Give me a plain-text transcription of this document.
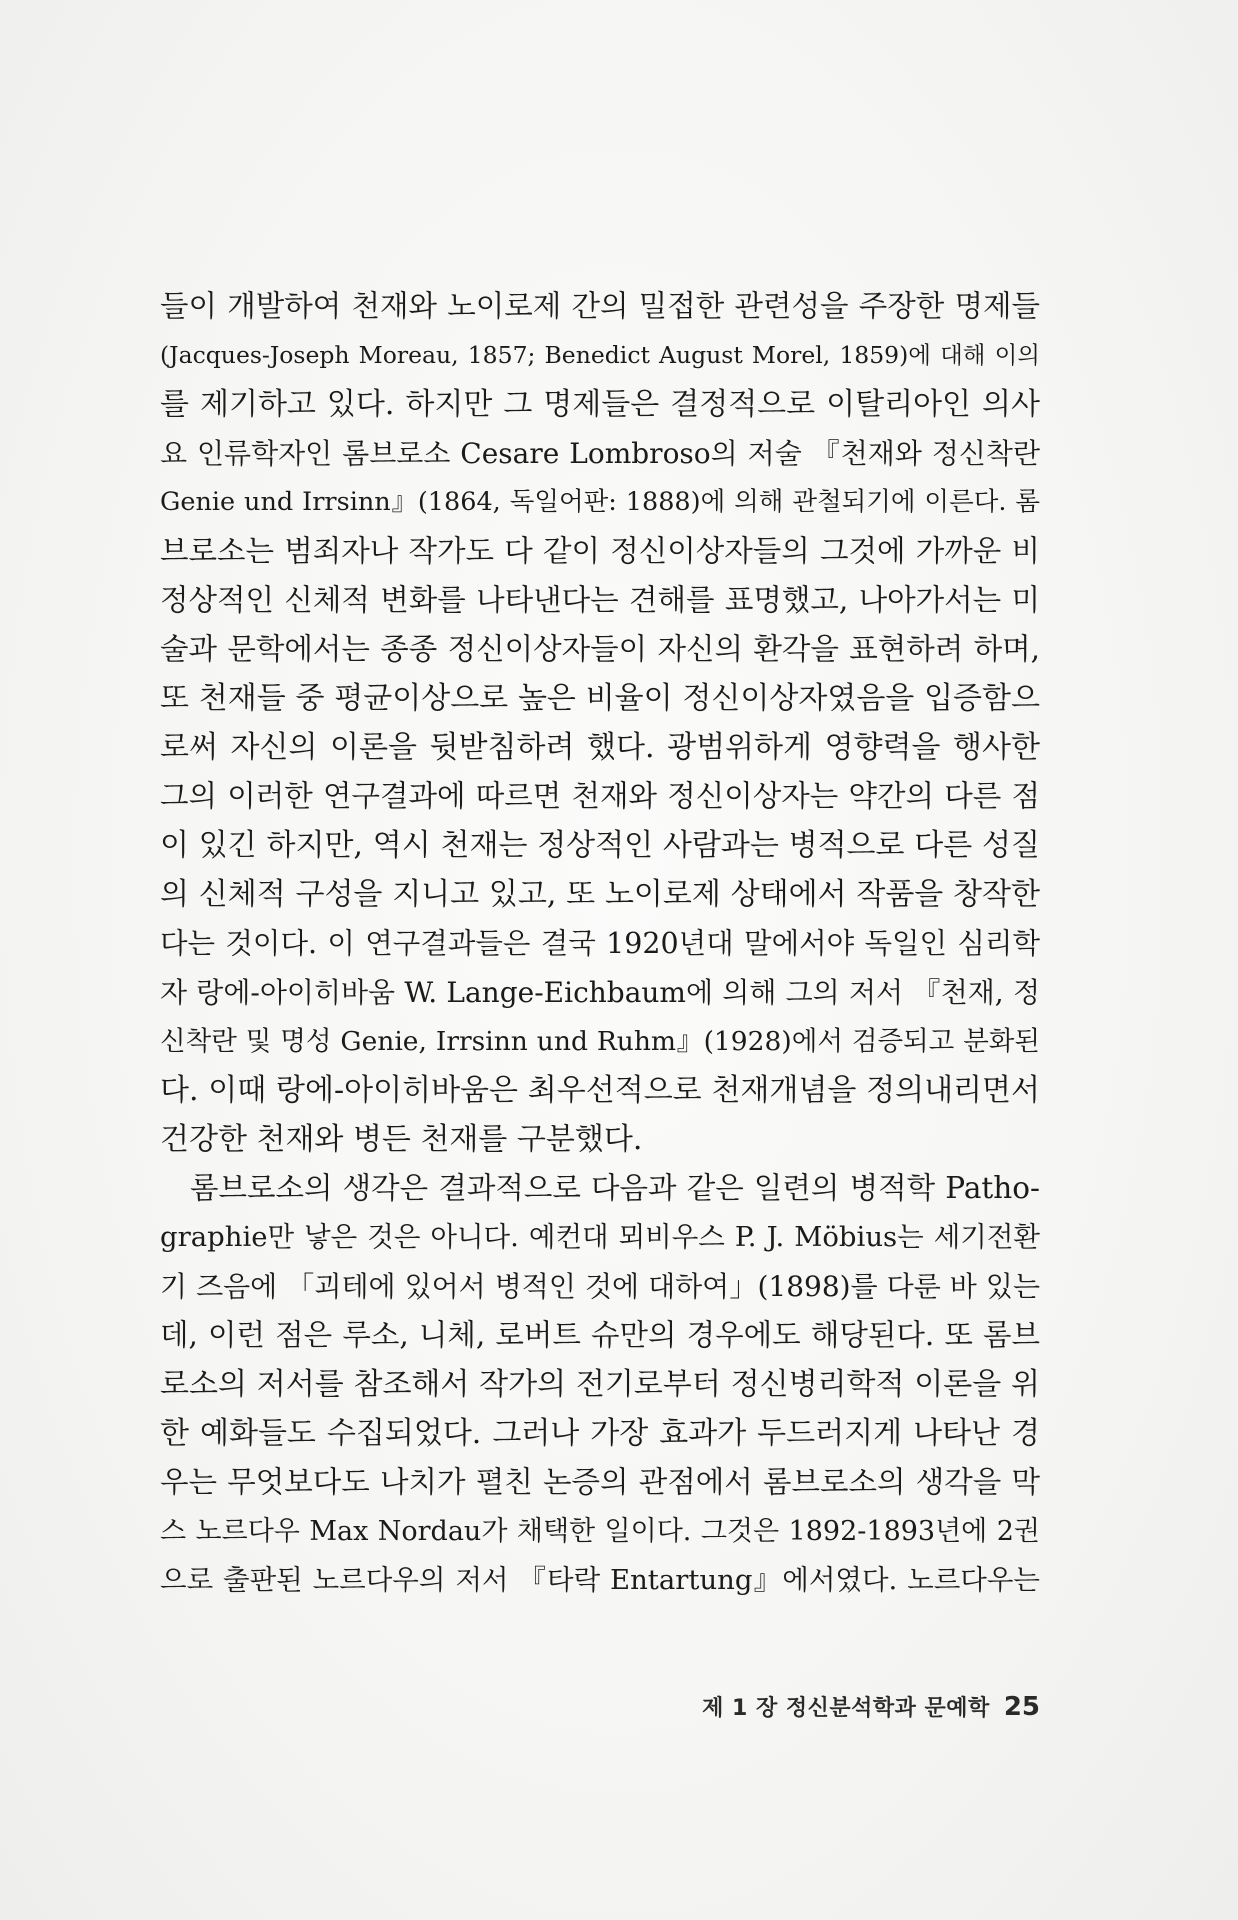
들이 개발하여 천재와 노이로제 간의 밀접한 관련성을 주장한 명제들
(Jacques-Joseph Moreau, 1857; Benedict August Morel, 1859)에 대해 이의
를 제기하고 있다. 하지만 그 명제들은 결정적으로 이탈리아인 의사
요 인류학자인 롬브로소 Cesare Lombroso의 저술 『천재와 정신착란
Genie und Irrsinn』(1864, 독일어판: 1888)에 의해 관철되기에 이른다. 롬
브로소는 범죄자나 작가도 다 같이 정신이상자들의 그것에 가까운 비
정상적인 신체적 변화를 나타낸다는 견해를 표명했고, 나아가서는 미
술과 문학에서는 종종 정신이상자들이 자신의 환각을 표현하려 하며,
또 천재들 중 평균이상으로 높은 비율이 정신이상자였음을 입증함으
로써 자신의 이론을 뒷받침하려 했다. 광범위하게 영향력을 행사한
그의 이러한 연구결과에 따르면 천재와 정신이상자는 약간의 다른 점
이 있긴 하지만, 역시 천재는 정상적인 사람과는 병적으로 다른 성질
의 신체적 구성을 지니고 있고, 또 노이로제 상태에서 작품을 창작한
다는 것이다. 이 연구결과들은 결국 1920년대 말에서야 독일인 심리학
자 랑에-아이히바움 W. Lange-Eichbaum에 의해 그의 저서 『천재, 정
신착란 및 명성 Genie, Irrsinn und Ruhm』(1928)에서 검증되고 분화된
다. 이때 랑에-아이히바움은 최우선적으로 천재개념을 정의내리면서
건강한 천재와 병든 천재를 구분했다.
롬브로소의 생각은 결과적으로 다음과 같은 일련의 병적학 Patho-
graphie만 낳은 것은 아니다. 예컨대 뫼비우스 P. J. Möbius는 세기전환
기 즈음에 「괴테에 있어서 병적인 것에 대하여」(1898)를 다룬 바 있는
데, 이런 점은 루소, 니체, 로버트 슈만의 경우에도 해당된다. 또 롬브
로소의 저서를 참조해서 작가의 전기로부터 정신병리학적 이론을 위
한 예화들도 수집되었다. 그러나 가장 효과가 두드러지게 나타난 경
우는 무엇보다도 나치가 펼친 논증의 관점에서 롬브로소의 생각을 막
스 노르다우 Max Nordau가 채택한 일이다. 그것은 1892-1893년에 2권
으로 출판된 노르다우의 저서 『타락 Entartung』에서였다. 노르다우는
제 1 장 정신분석학과 문예학 25
